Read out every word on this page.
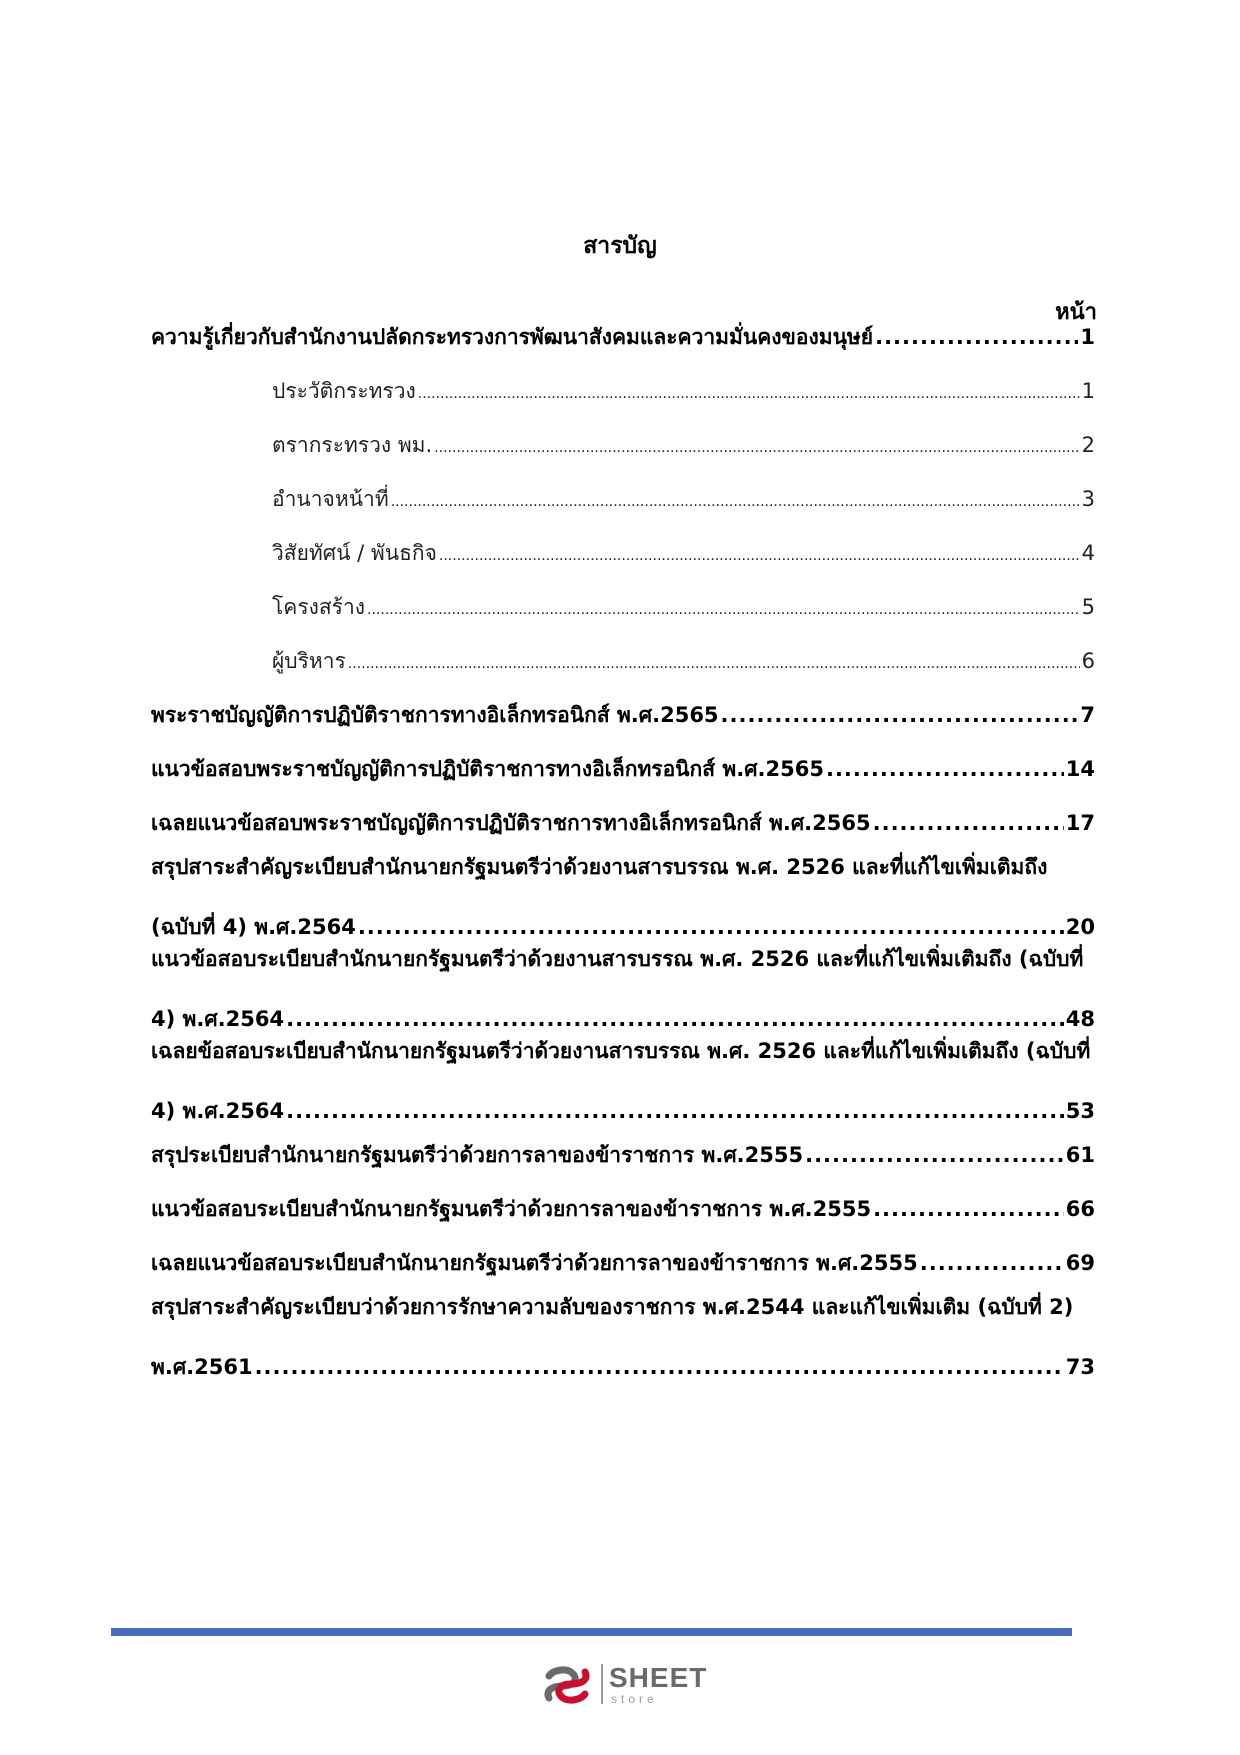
สารบัญ
หน้า
ความรู้เกี่ยวกับสำนักงานปลัดกระทรวงการพัฒนาสังคมและความมั่นคงของมนุษย์ .....	1
ประวัติกระทรวง .....	1
ตรากระทรวง พม. .....	2
อำนาจหน้าที่ .....	3
วิสัยทัศน์ / พันธกิจ .....	4
โครงสร้าง .....	5
ผู้บริหาร .....	6
พระราชบัญญัติการปฏิบัติราชการทางอิเล็กทรอนิกส์ พ.ศ.2565 .....	7
แนวข้อสอบพระราชบัญญัติการปฏิบัติราชการทางอิเล็กทรอนิกส์ พ.ศ.2565 .....	14
เฉลยแนวข้อสอบพระราชบัญญัติการปฏิบัติราชการทางอิเล็กทรอนิกส์ พ.ศ.2565 .....	17
สรุปสาระสำคัญระเบียบสำนักนายกรัฐมนตรีว่าด้วยงานสารบรรณ พ.ศ. 2526 และที่แก้ไขเพิ่มเติมถึง
(ฉบับที่ 4) พ.ศ.2564 .....	20
แนวข้อสอบระเบียบสำนักนายกรัฐมนตรีว่าด้วยงานสารบรรณ พ.ศ. 2526 และที่แก้ไขเพิ่มเติมถึง (ฉบับที่
4) พ.ศ.2564 .....	48
เฉลยข้อสอบระเบียบสำนักนายกรัฐมนตรีว่าด้วยงานสารบรรณ พ.ศ. 2526 และที่แก้ไขเพิ่มเติมถึง (ฉบับที่
4) พ.ศ.2564 .....	53
สรุประเบียบสำนักนายกรัฐมนตรีว่าด้วยการลาของข้าราชการ พ.ศ.2555 .....	61
แนวข้อสอบระเบียบสำนักนายกรัฐมนตรีว่าด้วยการลาของข้าราชการ พ.ศ.2555 .....	66
เฉลยแนวข้อสอบระเบียบสำนักนายกรัฐมนตรีว่าด้วยการลาของข้าราชการ พ.ศ.2555 .....	69
สรุปสาระสำคัญระเบียบว่าด้วยการรักษาความลับของราชการ พ.ศ.2544 และแก้ไขเพิ่มเติม (ฉบับที่ 2)
พ.ศ.2561 .....	73
SHEET
store
